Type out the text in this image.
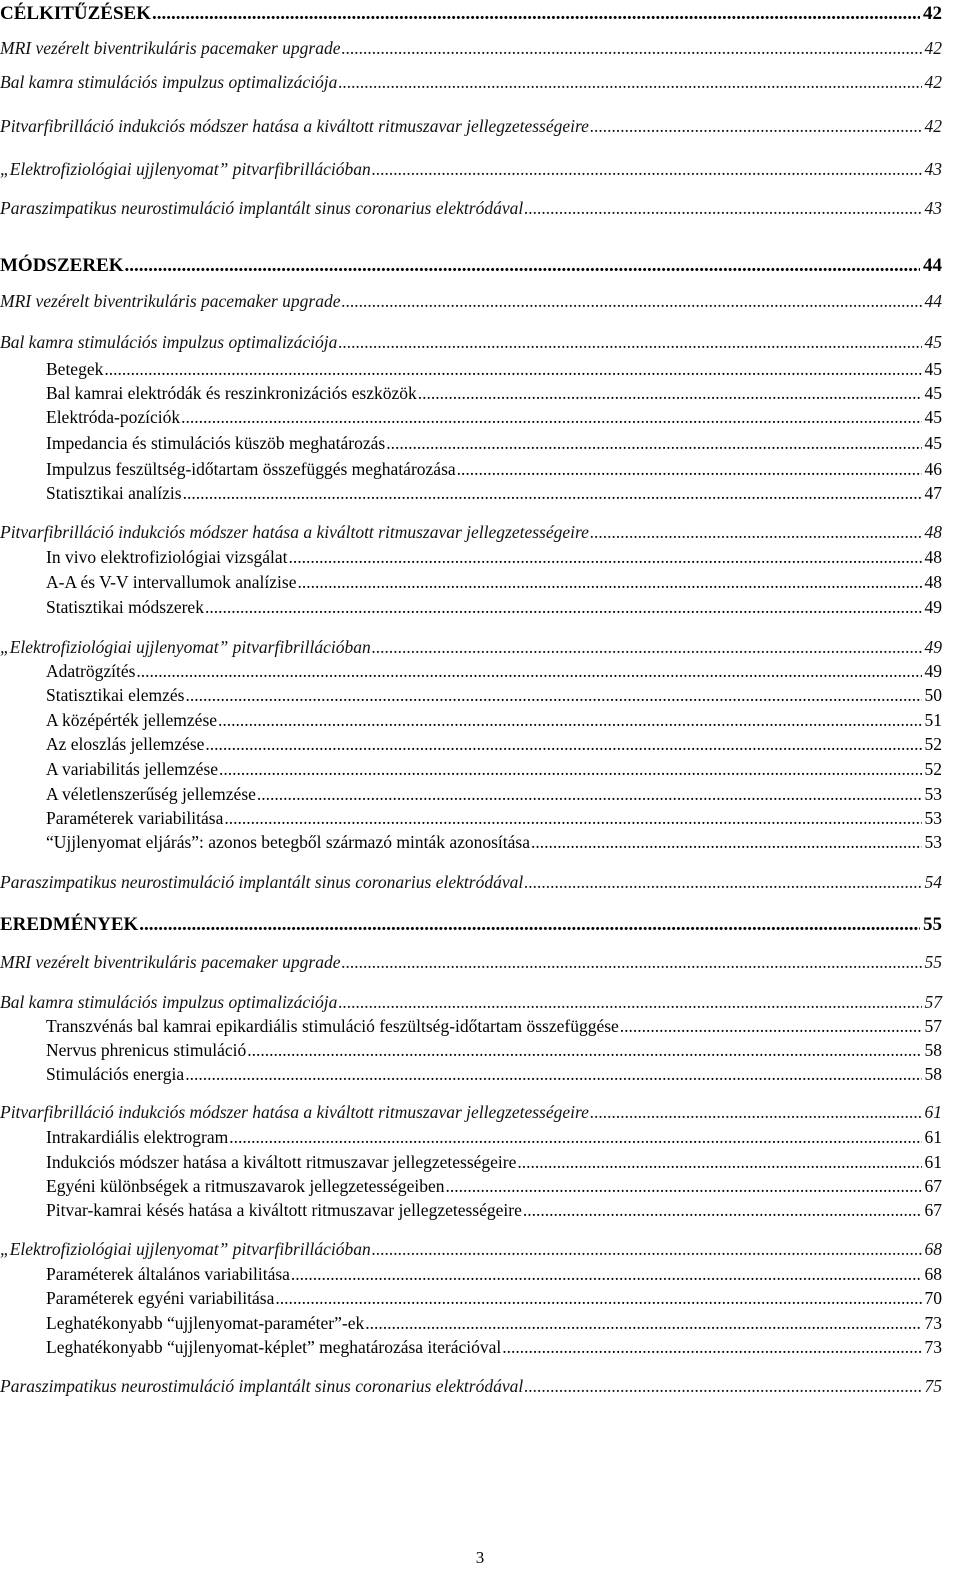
CÉLKITŰZÉSEK .....	42
MRI vezérelt biventrikuláris pacemaker upgrade .....	42
Bal kamra stimulációs impulzus optimalizációja .....	42
Pitvarfibrilláció indukciós módszer hatása a kiváltott ritmuszavar jellegzetességeire .....	42
„Elektrofiziológiai ujjlenyomat” pitvarfibrillációban .....	43
Paraszimpatikus neurostimuláció implantált sinus coronarius elektródával .....	43
MÓDSZEREK .....	44
MRI vezérelt biventrikuláris pacemaker upgrade .....	44
Bal kamra stimulációs impulzus optimalizációja .....	45
Betegek .....	45
Bal kamrai elektródák és reszinkronizációs eszközök .....	45
Elektróda-pozíciók .....	45
Impedancia és stimulációs küszöb meghatározás .....	45
Impulzus feszültség-időtartam összefüggés meghatározása .....	46
Statisztikai analízis .....	47
Pitvarfibrilláció indukciós módszer hatása a kiváltott ritmuszavar jellegzetességeire .....	48
In vivo elektrofiziológiai vizsgálat .....	48
A-A és V-V intervallumok analízise .....	48
Statisztikai módszerek .....	49
„Elektrofiziológiai ujjlenyomat” pitvarfibrillációban .....	49
Adatrögzítés .....	49
Statisztikai elemzés .....	50
A középérték jellemzése .....	51
Az eloszlás jellemzése .....	52
A variabilitás jellemzése .....	52
A véletlenszerűség jellemzése .....	53
Paraméterek variabilitása .....	53
“Ujjlenyomat eljárás”: azonos betegből származó minták azonosítása .....	53
Paraszimpatikus neurostimuláció implantált sinus coronarius elektródával .....	54
EREDMÉNYEK .....	55
MRI vezérelt biventrikuláris pacemaker upgrade .....	55
Bal kamra stimulációs impulzus optimalizációja .....	57
Transzvénás bal kamrai epikardiális stimuláció feszültség-időtartam összefüggése .....	57
Nervus phrenicus stimuláció .....	58
Stimulációs energia .....	58
Pitvarfibrilláció indukciós módszer hatása a kiváltott ritmuszavar jellegzetességeire .....	61
Intrakardiális elektrogram .....	61
Indukciós módszer hatása a kiváltott ritmuszavar jellegzetességeire .....	61
Egyéni különbségek a ritmuszavarok jellegzetességeiben .....	67
Pitvar-kamrai késés hatása a kiváltott ritmuszavar jellegzetességeire .....	67
„Elektrofiziológiai ujjlenyomat” pitvarfibrillációban .....	68
Paraméterek általános variabilitása .....	68
Paraméterek egyéni variabilitása .....	70
Leghatékonyabb “ujjlenyomat-paraméter”-ek .....	73
Leghatékonyabb “ujjlenyomat-képlet” meghatározása iterációval .....	73
Paraszimpatikus neurostimuláció implantált sinus coronarius elektródával .....	75
3
